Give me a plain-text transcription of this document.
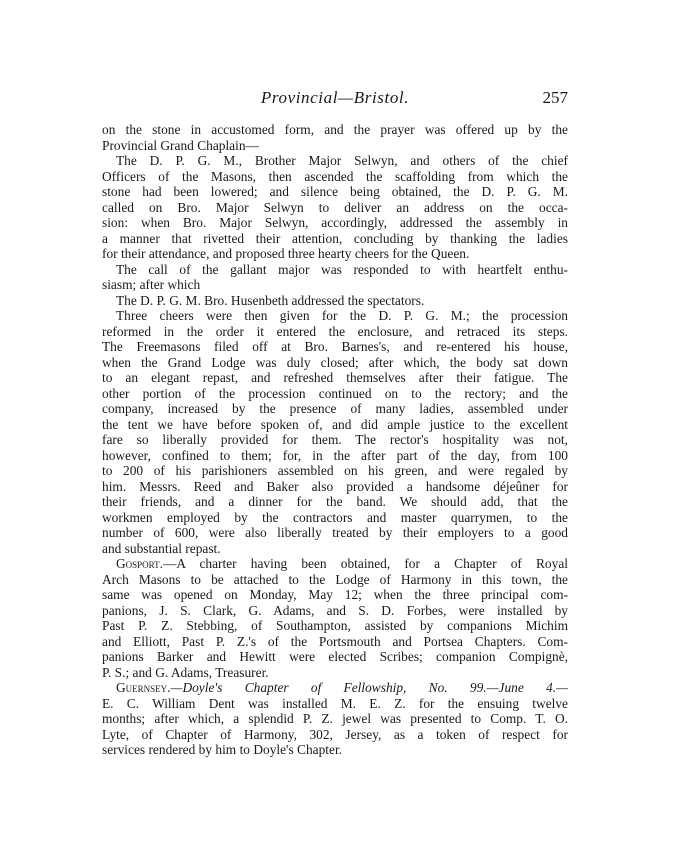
Provincial—Bristol.	257

on the stone in accustomed form, and the prayer was offered up by the
Provincial Grand Chaplain—

The D. P. G. M., Brother Major Selwyn, and others of the chief
Officers of the Masons, then ascended the scaffolding from which the
stone had been lowered; and silence being obtained, the D. P. G. M.
called on Bro. Major Selwyn to deliver an address on the occa-
sion: when Bro. Major Selwyn, accordingly, addressed the assembly in
a manner that rivetted their attention, concluding by thanking the ladies
for their attendance, and proposed three hearty cheers for the Queen.

The call of the gallant major was responded to with heartfelt enthu-
siasm; after which

The D. P. G. M. Bro. Husenbeth addressed the spectators.

Three cheers were then given for the D. P. G. M.; the procession
reformed in the order it entered the enclosure, and retraced its steps.
The Freemasons filed off at Bro. Barnes's, and re-entered his house,
when the Grand Lodge was duly closed; after which, the body sat down
to an elegant repast, and refreshed themselves after their fatigue. The
other portion of the procession continued on to the rectory; and the
company, increased by the presence of many ladies, assembled under
the tent we have before spoken of, and did ample justice to the excellent
fare so liberally provided for them. The rector's hospitality was not,
however, confined to them; for, in the after part of the day, from 100
to 200 of his parishioners assembled on his green, and were regaled by
him. Messrs. Reed and Baker also provided a handsome déjeûner for
their friends, and a dinner for the band. We should add, that the
workmen employed by the contractors and master quarrymen, to the
number of 600, were also liberally treated by their employers to a good
and substantial repast.

Gosport.—A charter having been obtained, for a Chapter of Royal
Arch Masons to be attached to the Lodge of Harmony in this town, the
same was opened on Monday, May 12; when the three principal com-
panions, J. S. Clark, G. Adams, and S. D. Forbes, were installed by
Past P. Z. Stebbing, of Southampton, assisted by companions Michim
and Elliott, Past P. Z.'s of the Portsmouth and Portsea Chapters. Com-
panions Barker and Hewitt were elected Scribes; companion Compignè,
P. S.; and G. Adams, Treasurer.

Guernsey.—Doyle's Chapter of Fellowship, No. 99.—June 4.—
E. C. William Dent was installed M. E. Z. for the ensuing twelve
months; after which, a splendid P. Z. jewel was presented to Comp. T. O.
Lyte, of Chapter of Harmony, 302, Jersey, as a token of respect for
services rendered by him to Doyle's Chapter.
